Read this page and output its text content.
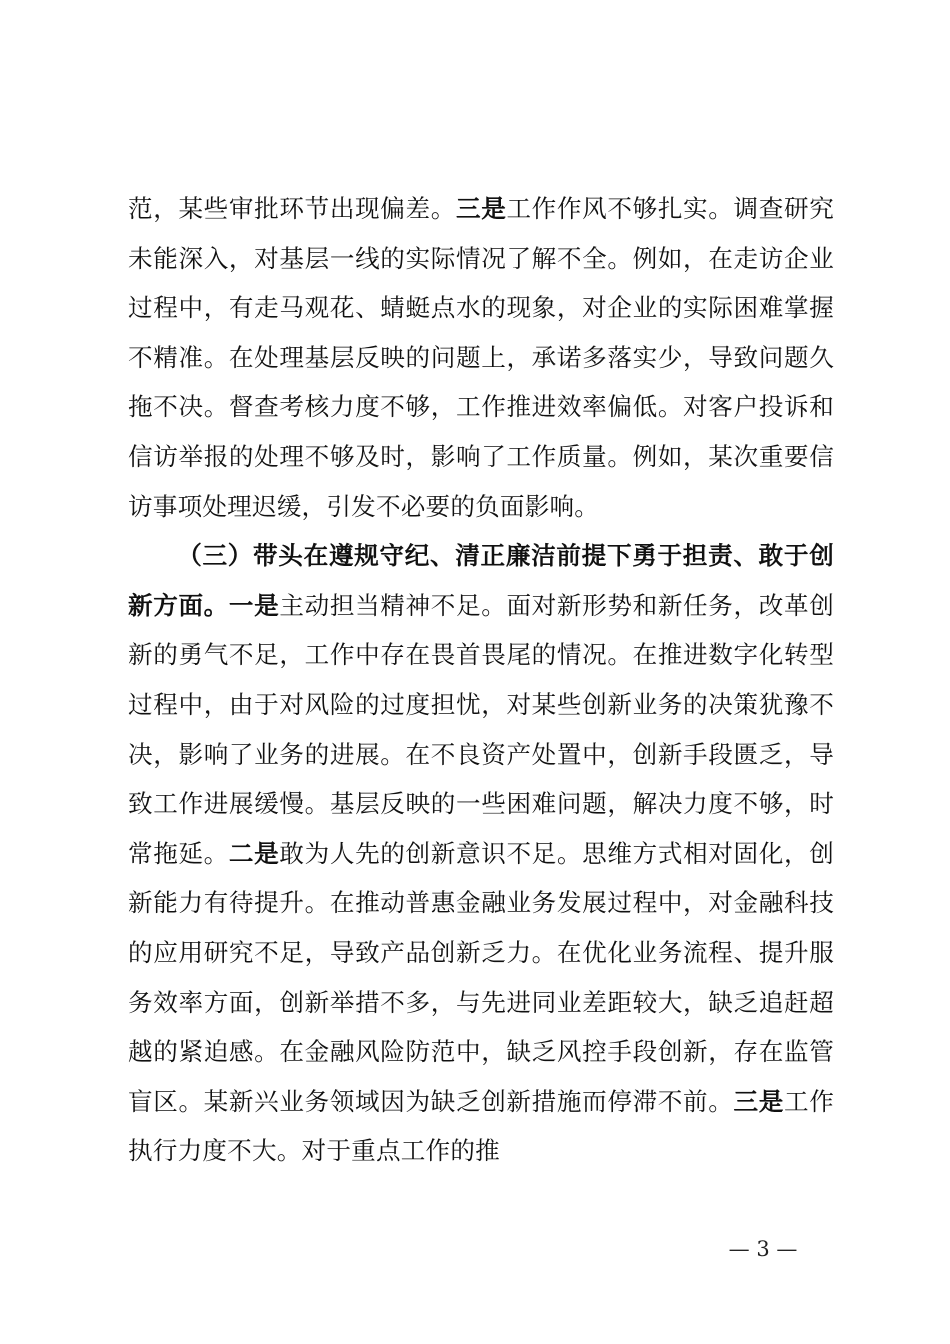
范，某些审批环节出现偏差。三是工作作风不够扎实。调查研究未能深入，对基层一线的实际情况了解不全。例如，在走访企业过程中，有走马观花、蜻蜓点水的现象，对企业的实际困难掌握不精准。在处理基层反映的问题上，承诺多落实少，导致问题久拖不决。督查考核力度不够，工作推进效率偏低。对客户投诉和信访举报的处理不够及时，影响了工作质量。例如，某次重要信访事项处理迟缓，引发不必要的负面影响。

（三）带头在遵规守纪、清正廉洁前提下勇于担责、敢于创新方面。一是主动担当精神不足。面对新形势和新任务，改革创新的勇气不足，工作中存在畏首畏尾的情况。在推进数字化转型过程中，由于对风险的过度担忧，对某些创新业务的决策犹豫不决，影响了业务的进展。在不良资产处置中，创新手段匮乏，导致工作进展缓慢。基层反映的一些困难问题，解决力度不够，时常拖延。二是敢为人先的创新意识不足。思维方式相对固化，创新能力有待提升。在推动普惠金融业务发展过程中，对金融科技的应用研究不足，导致产品创新乏力。在优化业务流程、提升服务效率方面，创新举措不多，与先进同业差距较大，缺乏追赶超越的紧迫感。在金融风险防范中，缺乏风控手段创新，存在监管盲区。某新兴业务领域因为缺乏创新措施而停滞不前。三是工作执行力度不大。对于重点工作的推

— 3 —
